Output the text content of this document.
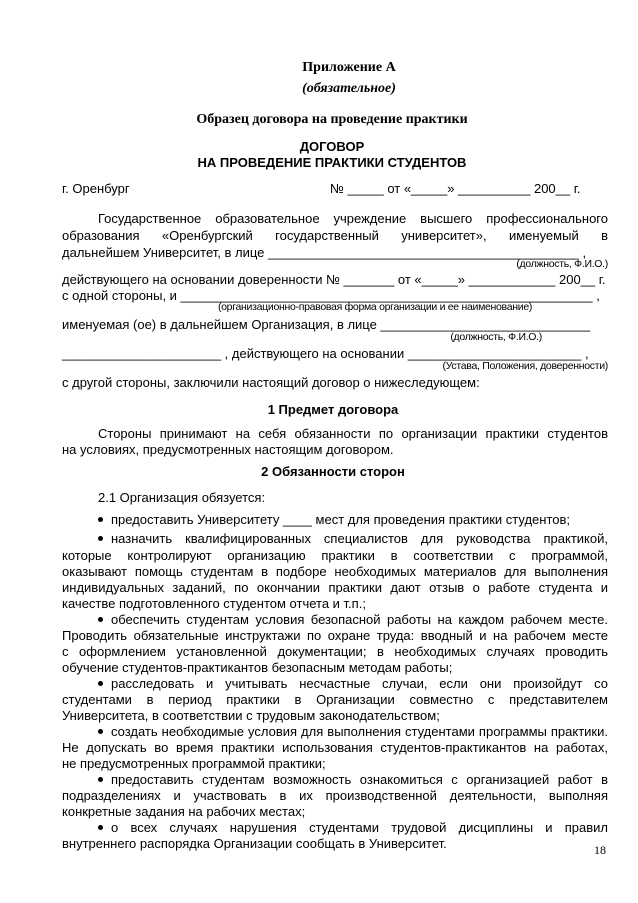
Приложение А
(обязательное)
Образец договора на проведение практики
ДОГОВОР
НА ПРОВЕДЕНИЕ ПРАКТИКИ СТУДЕНТОВ
г. Оренбург	№ _____ от «_____» __________ 200__ г.
Государственное образовательное учреждение высшего профессионального
образования «Оренбургский государственный университет», именуемый в
дальнейшем Университет, в лице ___________________________________________ ,
(должность, Ф.И.О.)
действующего на основании доверенности № _______ от «_____» ____________ 200__ г.
с одной стороны, и _________________________________________________________ ,
(организационно-правовая форма организации и ее наименование)
именуемая (ое) в дальнейшем Организация, в лице _____________________________
(должность, Ф.И.О.)
______________________ , действующего на основании ________________________ ,
(Устава, Положения, доверенности)
с другой стороны, заключили настоящий договор о нижеследующем:
1 Предмет договора
Стороны принимают на себя обязанности по организации практики студентов
на условиях, предусмотренных настоящим договором.
2 Обязанности сторон
2.1 Организация обязуется:
предоставить Университету ____ мест для проведения практики студентов;
назначить квалифицированных специалистов для руководства практикой,
которые контролируют организацию практики в соответствии с программой,
оказывают помощь студентам в подборе необходимых материалов для выполнения
индивидуальных заданий, по окончании практики дают отзыв о работе студента и
качестве подготовленного студентом отчета и т.п.;
обеспечить студентам условия безопасной работы на каждом рабочем месте.
Проводить обязательные инструктажи по охране труда: вводный и на рабочем месте
с оформлением установленной документации; в необходимых случаях проводить
обучение студентов-практикантов безопасным методам работы;
расследовать и учитывать несчастные случаи, если они произойдут со
студентами в период практики в Организации совместно с представителем
Университета, в соответствии с трудовым законодательством;
создать необходимые условия для выполнения студентами программы практики.
Не допускать во время практики использования студентов-практикантов на работах,
не предусмотренных программой практики;
предоставить студентам возможность ознакомиться с организацией работ в
подразделениях и участвовать в их производственной деятельности, выполняя
конкретные задания на рабочих местах;
о всех случаях нарушения студентами трудовой дисциплины и правил
внутреннего распорядка Организации сообщать в Университет.	18
